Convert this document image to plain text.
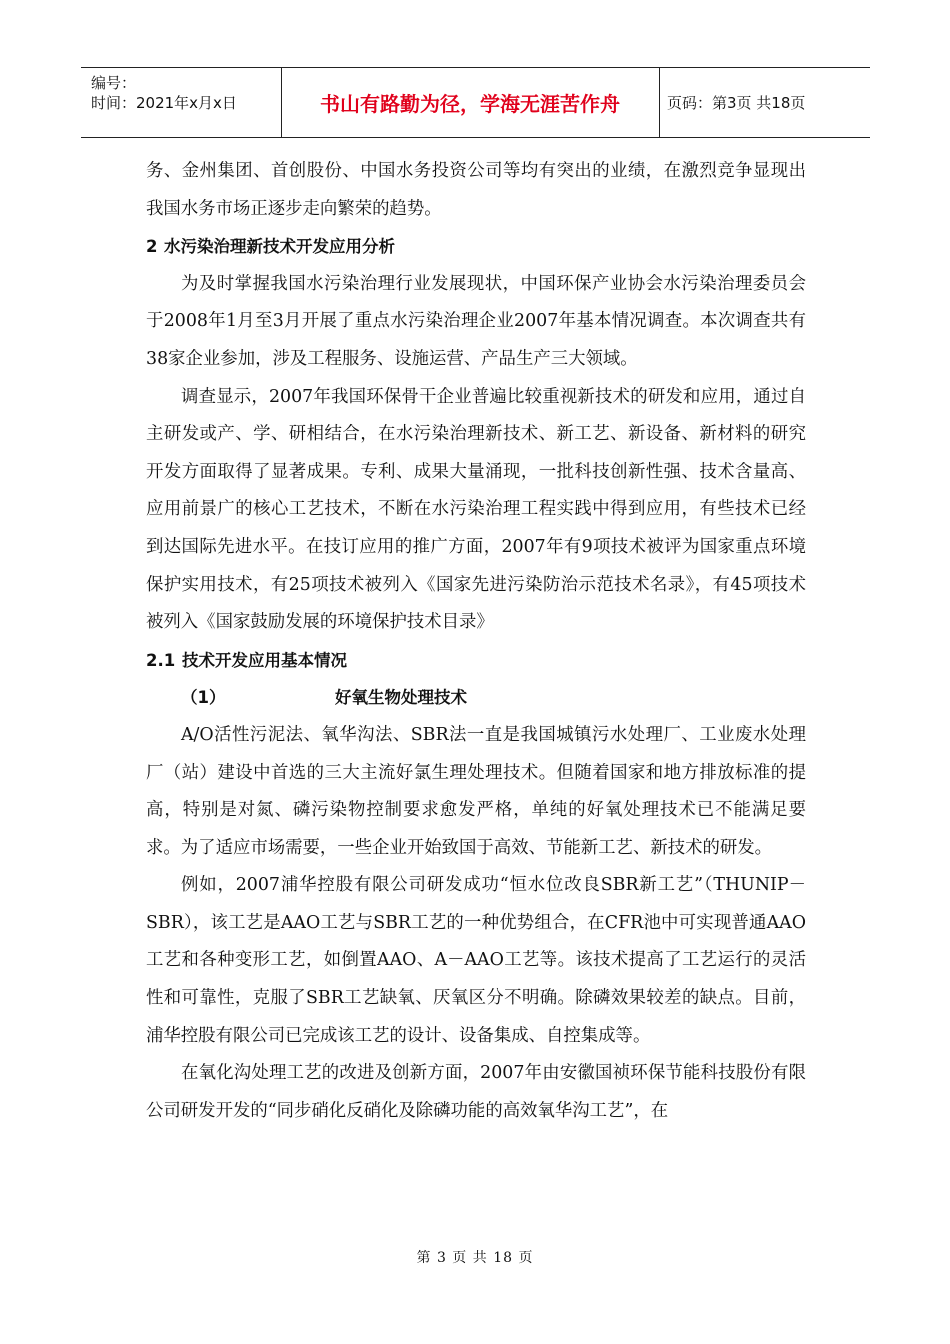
编号：
时间：2021年x月x日	书山有路勤为径，学海无涯苦作舟	页码：第3页 共18页

务、金州集团、首创股份、中国水务投资公司等均有突出的业绩，在激烈竞争显现出我国水务市场正逐步走向繁荣的趋势。

2 水污染治理新技术开发应用分析

为及时掌握我国水污染治理行业发展现状，中国环保产业协会水污染治理委员会于2008年1月至3月开展了重点水污染治理企业2007年基本情况调查。本次调查共有38家企业参加，涉及工程服务、设施运营、产品生产三大领域。

调查显示，2007年我国环保骨干企业普遍比较重视新技术的研发和应用，通过自主研发或产、学、研相结合，在水污染治理新技术、新工艺、新设备、新材料的研究开发方面取得了显著成果。专利、成果大量涌现，一批科技创新性强、技术含量高、应用前景广的核心工艺技术，不断在水污染治理工程实践中得到应用，有些技术已经到达国际先进水平。在技订应用的推广方面，2007年有9项技术被评为国家重点环境保护实用技术，有25项技术被列入《国家先进污染防治示范技术名录》，有45项技术被列入《国家鼓励发展的环境保护技术目录》

2.1 技术开发应用基本情况

（1）	好氧生物处理技术

A/O活性污泥法、氧华沟法、SBR法一直是我国城镇污水处理厂、工业废水处理厂（站）建设中首选的三大主流好氯生理处理技术。但随着国家和地方排放标准的提高，特别是对氮、磷污染物控制要求愈发严格，单纯的好氧处理技术已不能满足要求。为了适应市场需要，一些企业开始致国于高效、节能新工艺、新技术的研发。

例如，2007浦华控股有限公司研发成功“恒水位改良SBR新工艺”（THUNIP－SBR），该工艺是AAO工艺与SBR工艺的一种优势组合，在CFR池中可实现普通AAO工艺和各种变形工艺，如倒置AAO、A－AAO工艺等。该技术提高了工艺运行的灵活性和可靠性，克服了SBR工艺缺氧、厌氧区分不明确。除磷效果较差的缺点。目前，浦华控股有限公司已完成该工艺的设计、设备集成、自控集成等。

在氧化沟处理工艺的改进及创新方面，2007年由安徽国祯环保节能科技股份有限公司研发开发的“同步硝化反硝化及除磷功能的高效氧华沟工艺”，在

第 3 页 共 18 页
